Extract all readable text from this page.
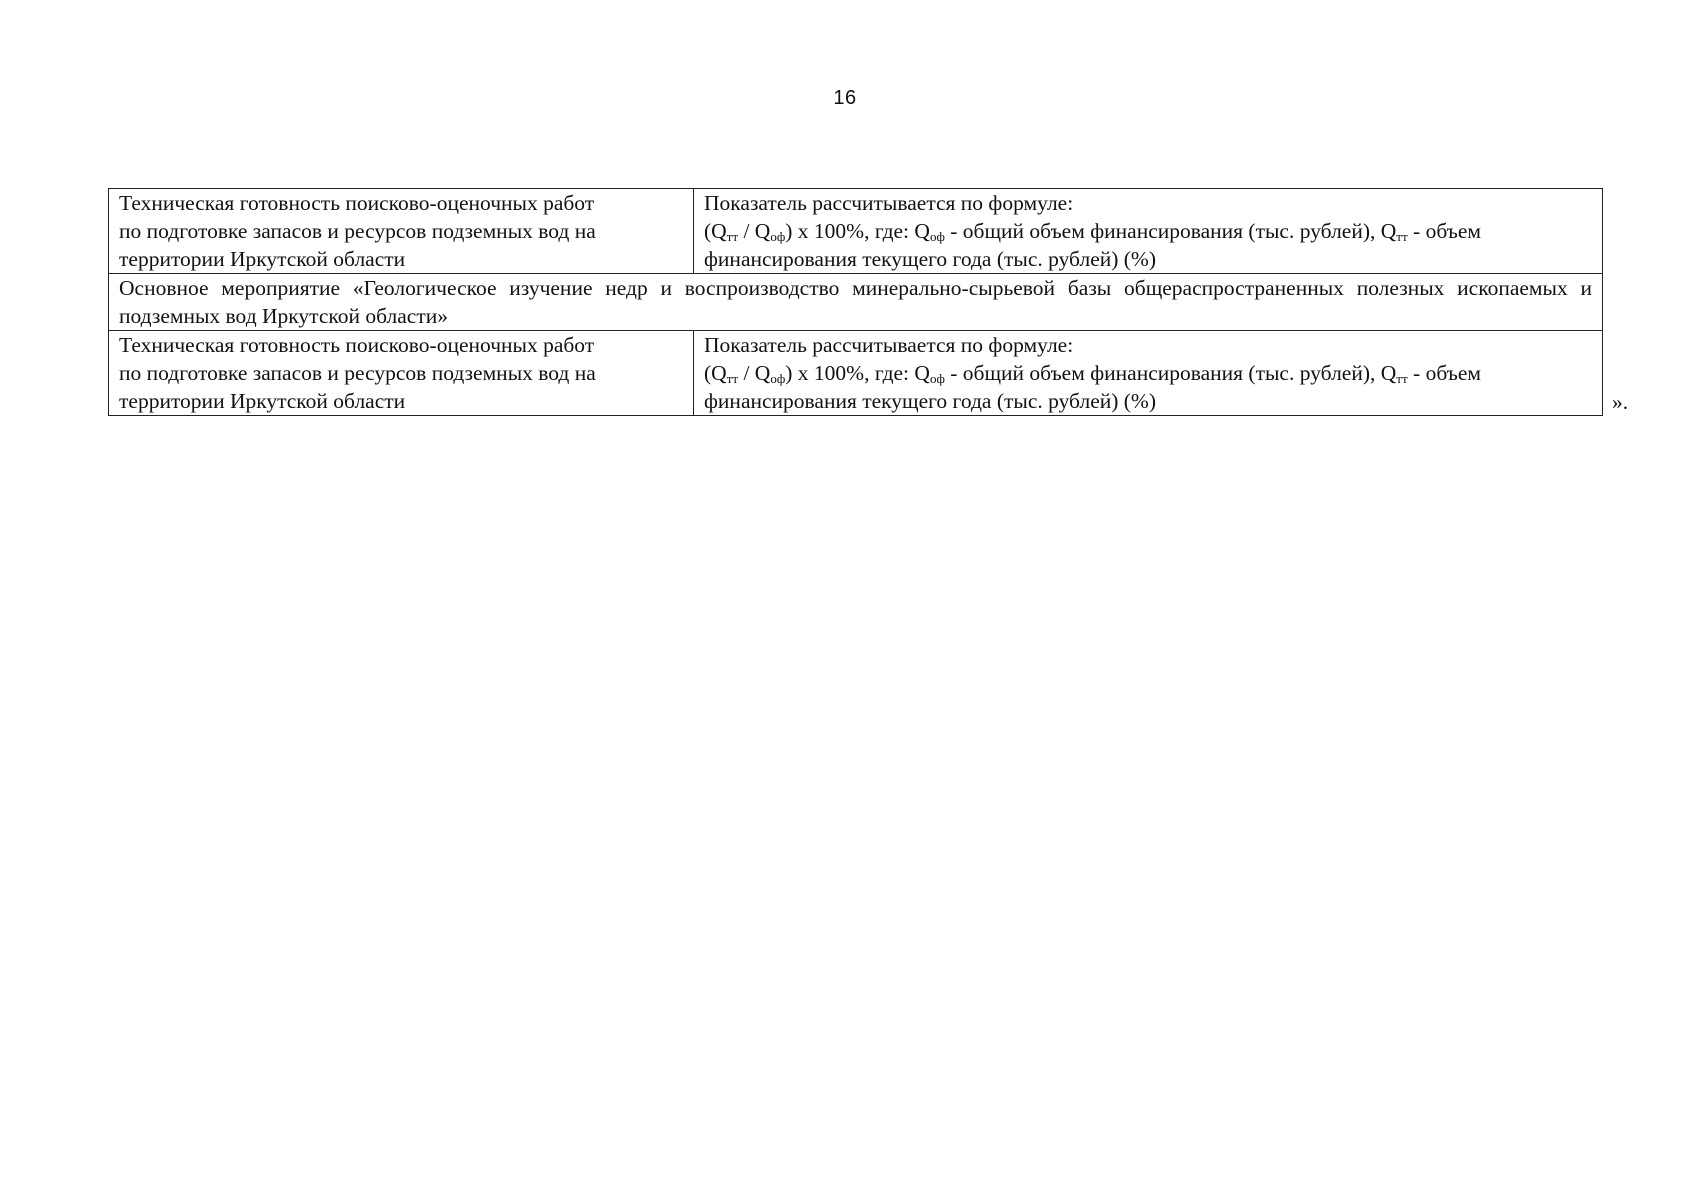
16
Техническая готовность поисково-оценочных работ
по подготовке запасов и ресурсов подземных вод на
территории Иркутской области	Показатель рассчитывается по формуле:
$(Q_{тт} / Q_{оф})$ x 100%, где: $Q_{оф}$ - общий объем финансирования (тыс. рублей), $Q_{тт}$ - объем
финансирования текущего года (тыс. рублей) (%)

Основное мероприятие «Геологическое изучение недр и воспроизводство минерально-сырьевой базы общераспространенных полезных ископаемых и подземных вод Иркутской области»	

Техническая готовность поисково-оценочных работ
по подготовке запасов и ресурсов подземных вод на
территории Иркутской области	Показатель рассчитывается по формуле:
$(Q_{тт} / Q_{оф})$ x 100%, где: $Q_{оф}$ - общий объем финансирования (тыс. рублей), $Q_{тт}$ - объем
финансирования текущего года (тыс. рублей) (%)	».
